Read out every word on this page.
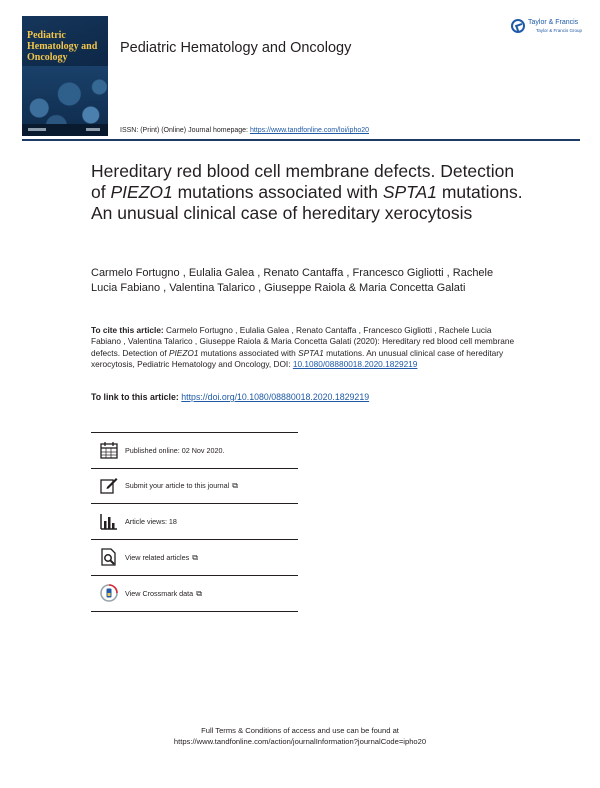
Pediatric Hematology and Oncology
Pediatric Hematology and Oncology
Taylor & Francis
Taylor & Francis Group
ISSN: (Print) (Online) Journal homepage: https://www.tandfonline.com/loi/ipho20
Hereditary red blood cell membrane defects. Detection of PIEZO1 mutations associated with SPTA1 mutations. An unusual clinical case of hereditary xerocytosis
Carmelo Fortugno , Eulalia Galea , Renato Cantaffa , Francesco Gigliotti , Rachele Lucia Fabiano , Valentina Talarico , Giuseppe Raiola & Maria Concetta Galati
To cite this article: Carmelo Fortugno , Eulalia Galea , Renato Cantaffa , Francesco Gigliotti , Rachele Lucia Fabiano , Valentina Talarico , Giuseppe Raiola & Maria Concetta Galati (2020): Hereditary red blood cell membrane defects. Detection of PIEZO1 mutations associated with SPTA1 mutations. An unusual clinical case of hereditary xerocytosis, Pediatric Hematology and Oncology, DOI: 10.1080/08880018.2020.1829219
To link to this article: https://doi.org/10.1080/08880018.2020.1829219
Published online: 02 Nov 2020.
Submit your article to this journal ⧉
Article views: 18
View related articles ⧉
View Crossmark data ⧉
Full Terms & Conditions of access and use can be found at
https://www.tandfonline.com/action/journalInformation?journalCode=ipho20
